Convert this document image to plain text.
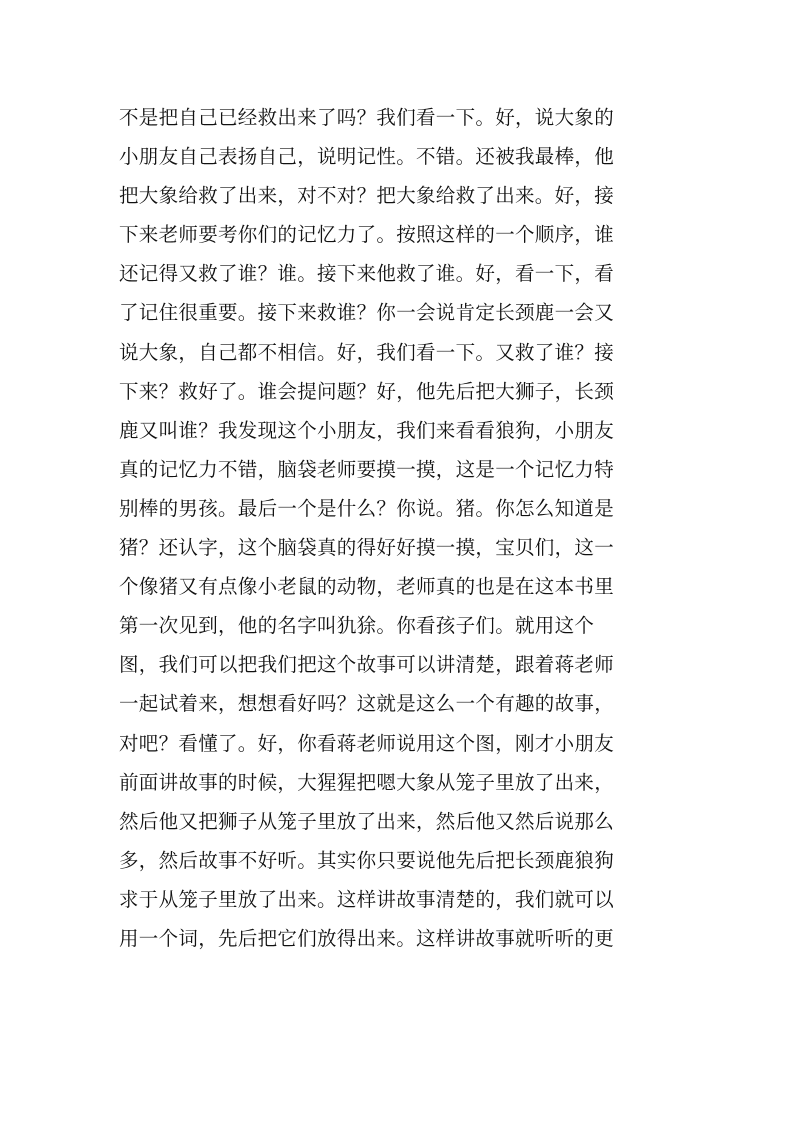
不是把自己已经救出来了吗？我们看一下。好，说大象的
小朋友自己表扬自己，说明记性。不错。还被我最棒，他
把大象给救了出来，对不对？把大象给救了出来。好，接
下来老师要考你们的记忆力了。按照这样的一个顺序，谁
还记得又救了谁？谁。接下来他救了谁。好，看一下，看
了记住很重要。接下来救谁？你一会说肯定长颈鹿一会又
说大象，自己都不相信。好，我们看一下。又救了谁？接
下来？救好了。谁会提问题？好，他先后把大狮子，长颈
鹿又叫谁？我发现这个小朋友，我们来看看狼狗，小朋友
真的记忆力不错，脑袋老师要摸一摸，这是一个记忆力特
别棒的男孩。最后一个是什么？你说。猪。你怎么知道是
猪？还认字，这个脑袋真的得好好摸一摸，宝贝们，这一
个像猪又有点像小老鼠的动物，老师真的也是在这本书里
第一次见到，他的名字叫犰狳。你看孩子们。就用这个
图，我们可以把我们把这个故事可以讲清楚，跟着蒋老师
一起试着来，想想看好吗？这就是这么一个有趣的故事，
对吧？看懂了。好，你看蒋老师说用这个图，刚才小朋友
前面讲故事的时候，大猩猩把嗯大象从笼子里放了出来，
然后他又把狮子从笼子里放了出来，然后他又然后说那么
多，然后故事不好听。其实你只要说他先后把长颈鹿狼狗
求于从笼子里放了出来。这样讲故事清楚的，我们就可以
用一个词，先后把它们放得出来。这样讲故事就听听的更
